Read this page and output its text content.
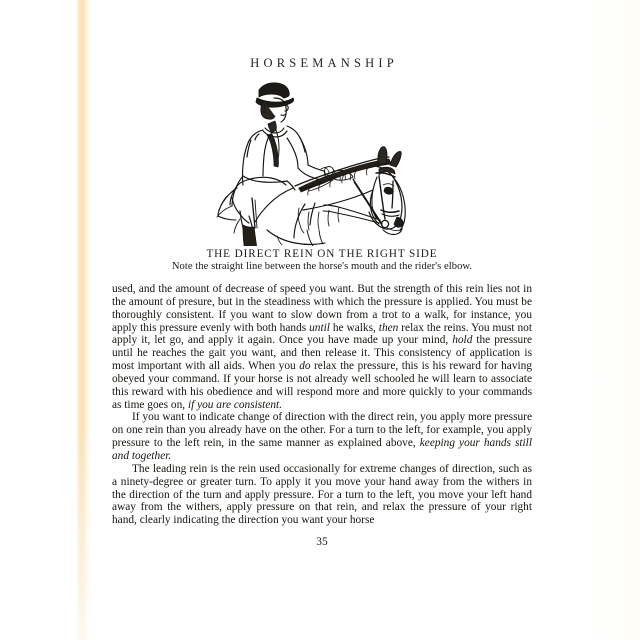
HORSEMANSHIP
THE DIRECT REIN ON THE RIGHT SIDE
Note the straight line between the horse's mouth and the rider's elbow.

used, and the amount of decrease of speed you want. But the strength of this rein lies not in the amount of presure, but in the steadiness with which the pressure is applied. You must be thoroughly consistent. If you want to slow down from a trot to a walk, for instance, you apply this pressure evenly with both hands until he walks, then relax the reins. You must not apply it, let go, and apply it again. Once you have made up your mind, hold the pressure until he reaches the gait you want, and then release it. This consistency of application is most important with all aids. When you do relax the pressure, this is his reward for having obeyed your command. If your horse is not already well schooled he will learn to associate this reward with his obedience and will respond more and more quickly to your commands as time goes on, if you are consistent.

If you want to indicate change of direction with the direct rein, you apply more pressure on one rein than you already have on the other. For a turn to the left, for example, you apply pressure to the left rein, in the same manner as explained above, keeping your hands still and together.

The leading rein is the rein used occasionally for extreme changes of direction, such as a ninety-degree or greater turn. To apply it you move your hand away from the withers in the direction of the turn and apply pressure. For a turn to the left, you move your left hand away from the withers, apply pressure on that rein, and relax the pressure of your right hand, clearly indicating the direction you want your horse

35
